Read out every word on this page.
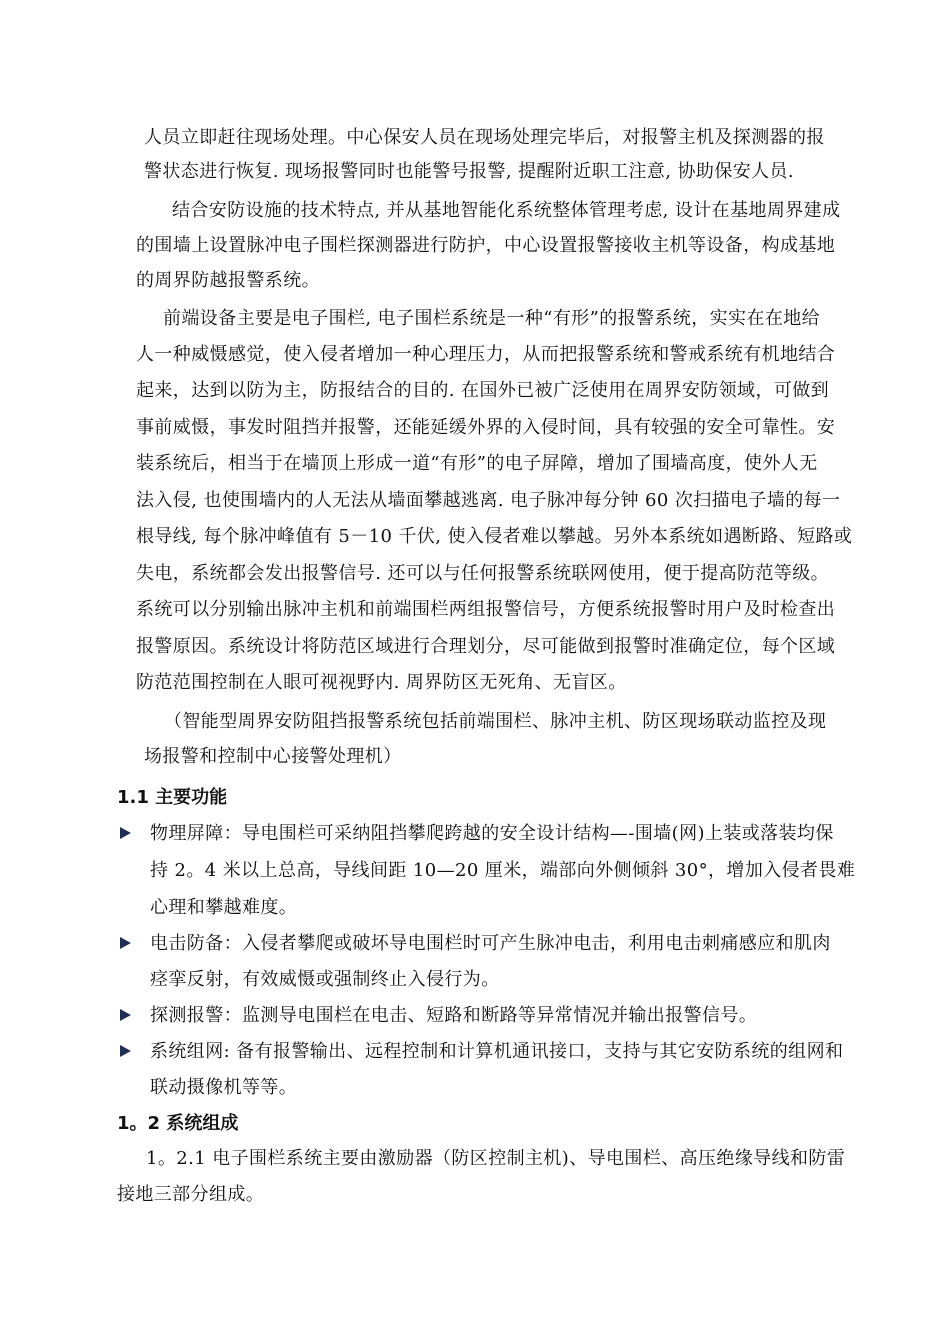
人员立即赶往现场处理。中心保安人员在现场处理完毕后，对报警主机及探测器的报
警状态进行恢复. 现场报警同时也能警号报警, 提醒附近职工注意, 协助保安人员.
结合安防设施的技术特点, 并从基地智能化系统整体管理考虑, 设计在基地周界建成
的围墙上设置脉冲电子围栏探测器进行防护，中心设置报警接收主机等设备，构成基地
的周界防越报警系统。
前端设备主要是电子围栏, 电子围栏系统是一种“有形”的报警系统，实实在在地给
人一种威慑感觉，使入侵者增加一种心理压力，从而把报警系统和警戒系统有机地结合
起来，达到以防为主，防报结合的目的. 在国外已被广泛使用在周界安防领域，可做到
事前威慑，事发时阻挡并报警，还能延缓外界的入侵时间，具有较强的安全可靠性。安
装系统后，相当于在墙顶上形成一道“有形”的电子屏障，增加了围墙高度，使外人无
法入侵, 也使围墙内的人无法从墙面攀越逃离. 电子脉冲每分钟 60 次扫描电子墙的每一
根导线, 每个脉冲峰值有 5－10 千伏, 使入侵者难以攀越。另外本系统如遇断路、短路或
失电，系统都会发出报警信号. 还可以与任何报警系统联网使用，便于提高防范等级。
系统可以分别输出脉冲主机和前端围栏两组报警信号，方便系统报警时用户及时检查出
报警原因。系统设计将防范区域进行合理划分，尽可能做到报警时准确定位，每个区域
防范范围控制在人眼可视视野内. 周界防区无死角、无盲区。
（智能型周界安防阻挡报警系统包括前端围栏、脉冲主机、防区现场联动监控及现
场报警和控制中心接警处理机）
1.1 主要功能
物理屏障：导电围栏可采纳阻挡攀爬跨越的安全设计结构—-围墙(网)上装或落装均保
持 2。4 米以上总高，导线间距 10—20 厘米，端部向外侧倾斜 30°，增加入侵者畏难
心理和攀越难度。
电击防备：入侵者攀爬或破坏导电围栏时可产生脉冲电击，利用电击刺痛感应和肌肉
痉挛反射，有效威慑或强制终止入侵行为。
探测报警：监测导电围栏在电击、短路和断路等异常情况并输出报警信号。
系统组网: 备有报警输出、远程控制和计算机通讯接口，支持与其它安防系统的组网和
联动摄像机等等。
1。2 系统组成
1。2.1 电子围栏系统主要由激励器（防区控制主机)、导电围栏、高压绝缘导线和防雷
接地三部分组成。
